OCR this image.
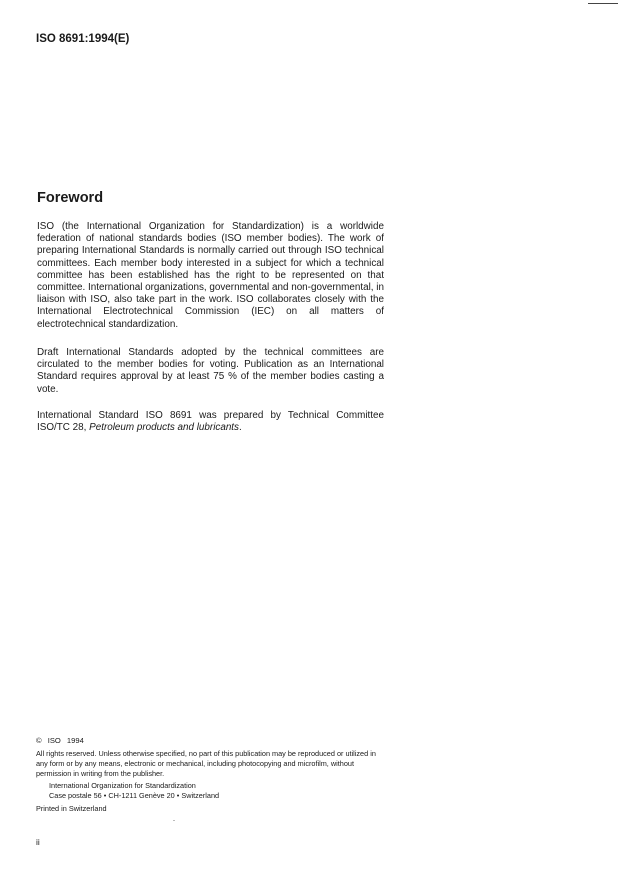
ISO 8691:1994(E)
Foreword

ISO (the International Organization for Standardization) is a worldwide federation of national standards bodies (ISO member bodies). The work of preparing International Standards is normally carried out through ISO technical committees. Each member body interested in a subject for which a technical committee has been established has the right to be represented on that committee. International organizations, governmental and non-governmental, in liaison with ISO, also take part in the work. ISO collaborates closely with the International Electrotechnical Commission (IEC) on all matters of electrotechnical standardization.

Draft International Standards adopted by the technical committees are circulated to the member bodies for voting. Publication as an International Standard requires approval by at least 75 % of the member bodies casting a vote.

International Standard ISO 8691 was prepared by Technical Committee ISO/TC 28, Petroleum products and lubricants.

© ISO 1994

All rights reserved. Unless otherwise specified, no part of this publication may be reproduced or utilized in any form or by any means, electronic or mechanical, including photocopying and microfilm, without permission in writing from the publisher.

International Organization for Standardization
Case postale 56 • CH-1211 Genève 20 • Switzerland
Printed in Switzerland
ii
